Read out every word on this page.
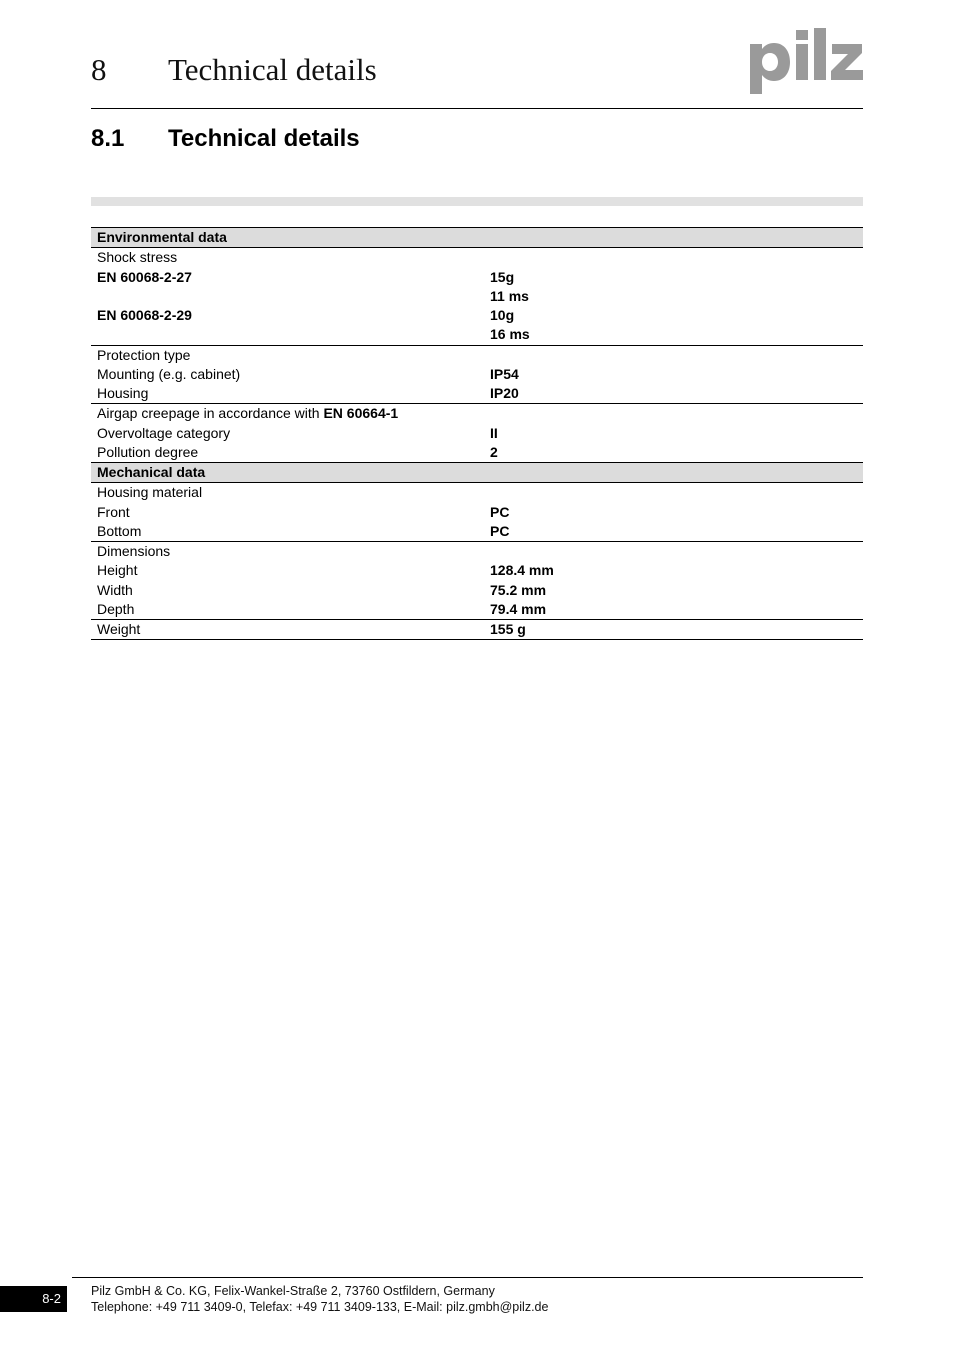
8 Technical details
8.1 Technical details
Environmental data	
Shock stress	
EN 60068-2-27	15g
	11 ms
EN 60068-2-29	10g
	16 ms
Protection type	
Mounting (e.g. cabinet)	IP54
Housing	IP20
Airgap creepage in accordance with EN 60664-1	
Overvoltage category	II
Pollution degree	2
Mechanical data	
Housing material	
Front	PC
Bottom	PC
Dimensions	
Height	128.4 mm
Width	75.2 mm
Depth	79.4 mm
Weight	155 g
8-2 Pilz GmbH & Co. KG, Felix-Wankel-Straße 2, 73760 Ostfildern, Germany
Telephone: +49 711 3409-0, Telefax: +49 711 3409-133, E-Mail: pilz.gmbh@pilz.de
